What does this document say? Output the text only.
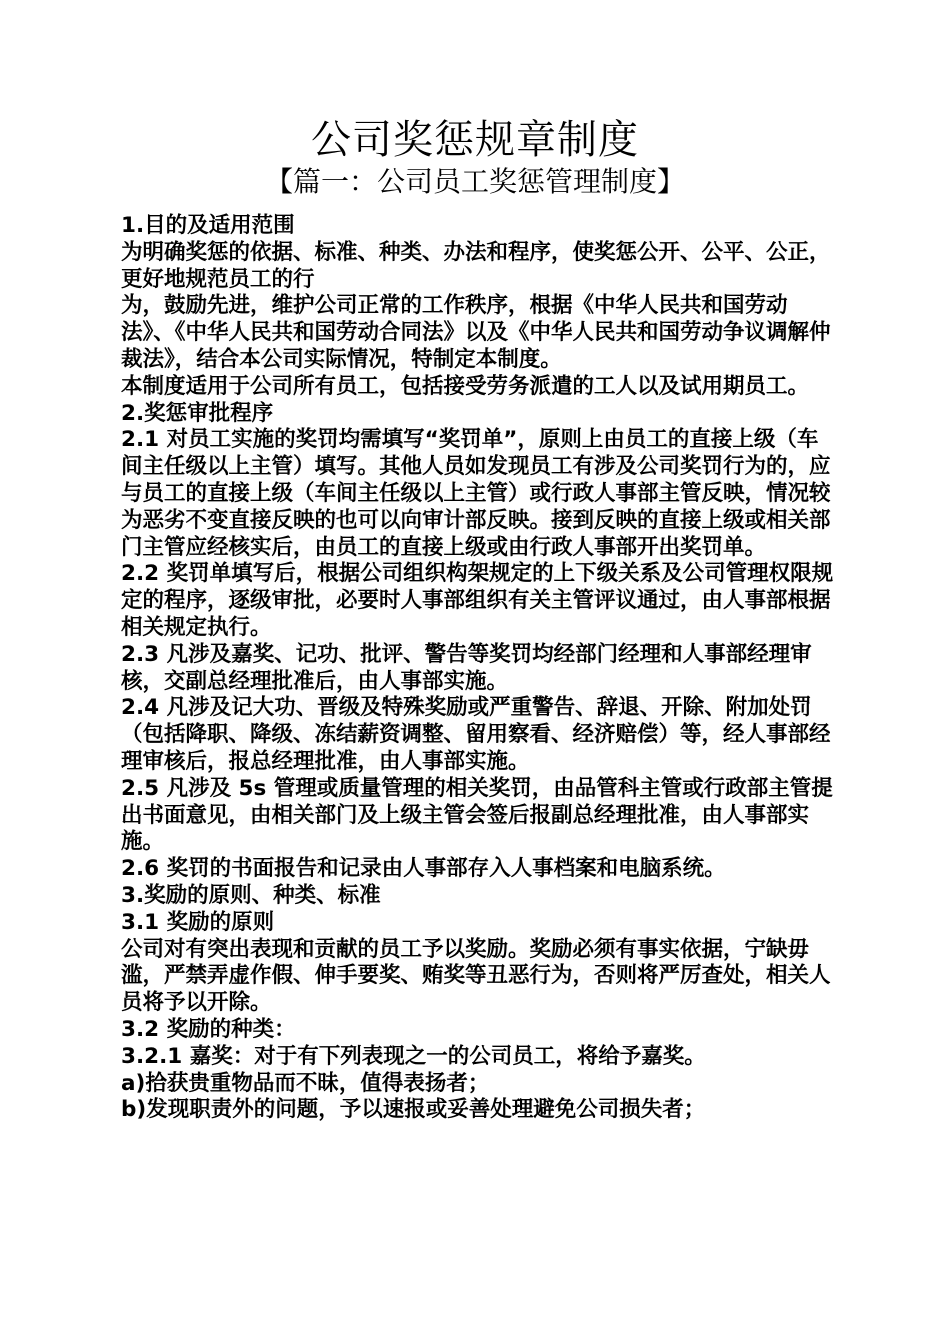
公司奖惩规章制度
【篇一：公司员工奖惩管理制度】

1.目的及适用范围

为明确奖惩的依据、标准、种类、办法和程序，使奖惩公开、公平、公正，更好地规范员工的行

为，鼓励先进，维护公司正常的工作秩序，根据《中华人民共和国劳动法》、《中华人民共和国劳动合同法》以及《中华人民共和国劳动争议调解仲裁法》，结合本公司实际情况，特制定本制度。

本制度适用于公司所有员工，包括接受劳务派遣的工人以及试用期员工。

2.奖惩审批程序

2.1 对员工实施的奖罚均需填写“奖罚单”，原则上由员工的直接上级（车间主任级以上主管）填写。其他人员如发现员工有涉及公司奖罚行为的，应与员工的直接上级（车间主任级以上主管）或行政人事部主管反映，情况较为恶劣不变直接反映的也可以向审计部反映。接到反映的直接上级或相关部门主管应经核实后，由员工的直接上级或由行政人事部开出奖罚单。

2.2 奖罚单填写后，根据公司组织构架规定的上下级关系及公司管理权限规定的程序，逐级审批，必要时人事部组织有关主管评议通过，由人事部根据相关规定执行。

2.3 凡涉及嘉奖、记功、批评、警告等奖罚均经部门经理和人事部经理审核，交副总经理批准后，由人事部实施。

2.4 凡涉及记大功、晋级及特殊奖励或严重警告、辞退、开除、附加处罚（包括降职、降级、冻结薪资调整、留用察看、经济赔偿）等，经人事部经理审核后，报总经理批准，由人事部实施。

2.5 凡涉及 5s 管理或质量管理的相关奖罚，由品管科主管或行政部主管提出书面意见，由相关部门及上级主管会签后报副总经理批准，由人事部实施。

2.6 奖罚的书面报告和记录由人事部存入人事档案和电脑系统。

3.奖励的原则、种类、标准

3.1 奖励的原则

公司对有突出表现和贡献的员工予以奖励。奖励必须有事实依据，宁缺毋滥，严禁弄虚作假、伸手要奖、贿奖等丑恶行为，否则将严厉查处，相关人员将予以开除。

3.2 奖励的种类：

3.2.1 嘉奖：对于有下列表现之一的公司员工，将给予嘉奖。

a)拾获贵重物品而不昧，值得表扬者；

b)发现职责外的问题，予以速报或妥善处理避免公司损失者；
